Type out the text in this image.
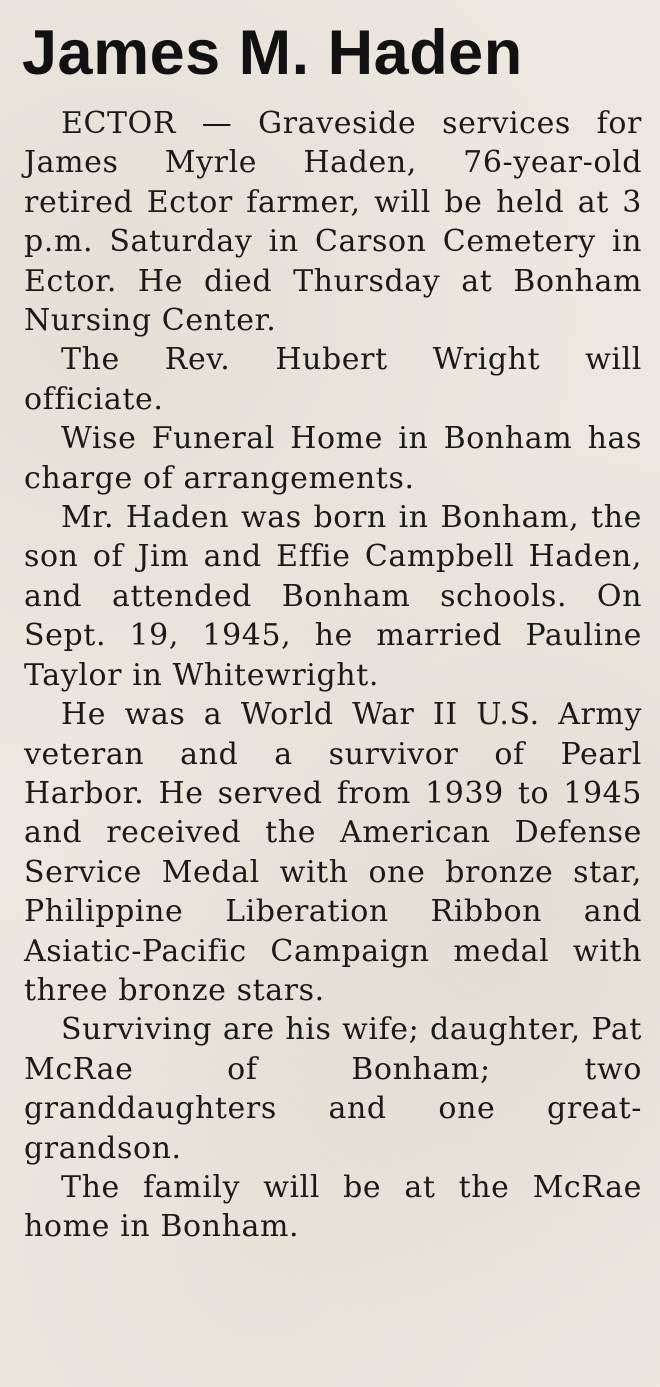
James M. Haden

ECTOR — Graveside services for James Myrle Haden, 76-year-old retired Ector farmer, will be held at 3 p.m. Saturday in Carson Cemetery in Ector. He died Thursday at Bonham Nursing Center.

The Rev. Hubert Wright will officiate.

Wise Funeral Home in Bonham has charge of arrangements.

Mr. Haden was born in Bonham, the son of Jim and Effie Campbell Haden, and attended Bonham schools. On Sept. 19, 1945, he married Pauline Taylor in Whitewright.

He was a World War II U.S. Army veteran and a survivor of Pearl Harbor. He served from 1939 to 1945 and received the American Defense Service Medal with one bronze star, Philippine Liberation Ribbon and Asiatic-Pacific Campaign medal with three bronze stars.

Surviving are his wife; daughter, Pat McRae of Bonham; two granddaughters and one great-grandson.

The family will be at the McRae home in Bonham.
